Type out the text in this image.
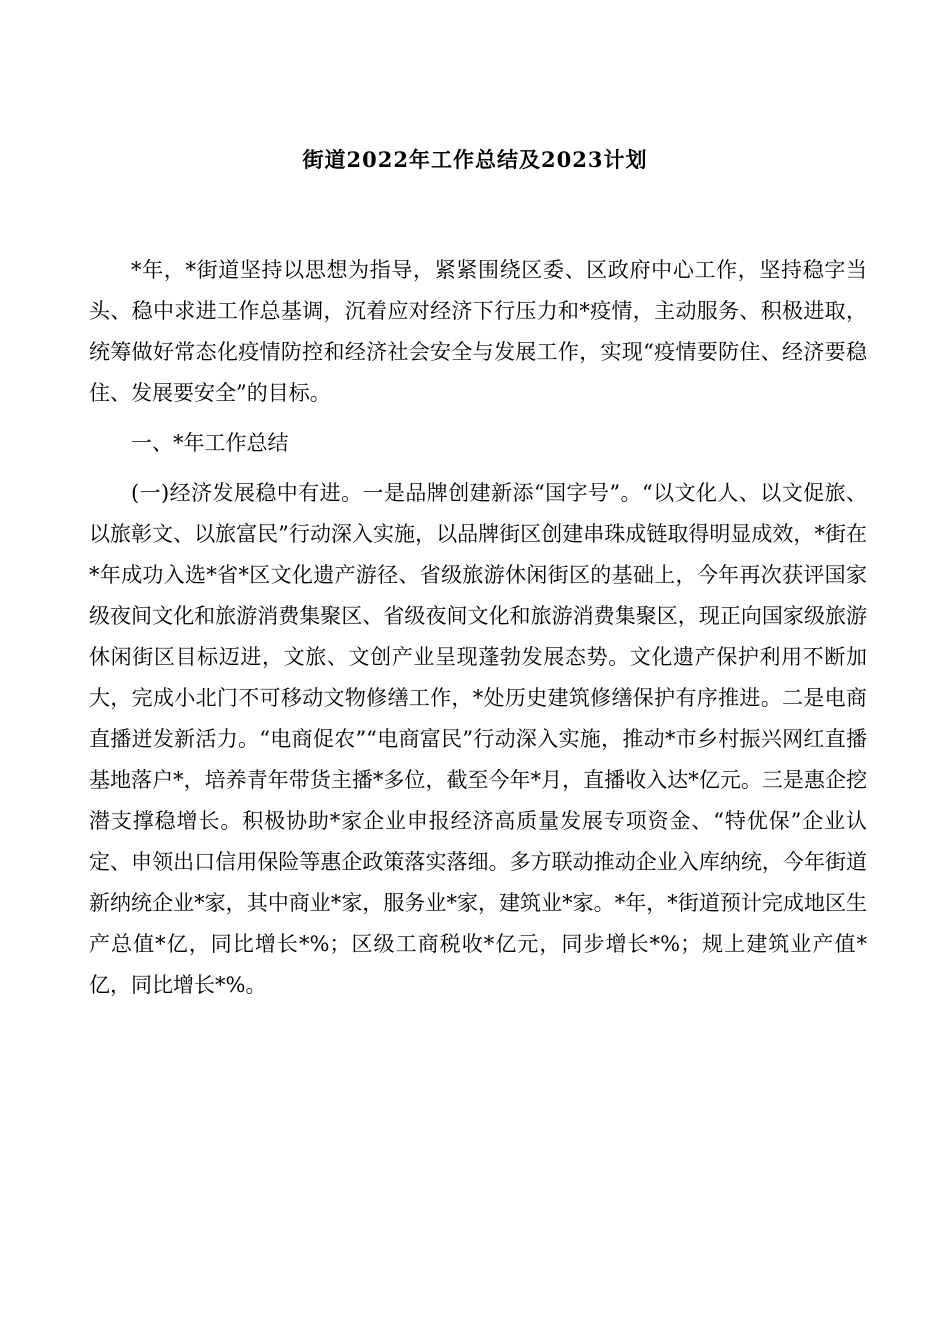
街道2022年工作总结及2023计划

*年，*街道坚持以思想为指导，紧紧围绕区委、区政府中心工作，坚持稳字当头、稳中求进工作总基调，沉着应对经济下行压力和*疫情，主动服务、积极进取，统筹做好常态化疫情防控和经济社会安全与发展工作，实现“疫情要防住、经济要稳住、发展要安全”的目标。

一、*年工作总结

(一)经济发展稳中有进。一是品牌创建新添“国字号”。“以文化人、以文促旅、以旅彰文、以旅富民”行动深入实施，以品牌街区创建串珠成链取得明显成效，*街在*年成功入选*省*区文化遗产游径、省级旅游休闲街区的基础上，今年再次获评国家级夜间文化和旅游消费集聚区、省级夜间文化和旅游消费集聚区，现正向国家级旅游休闲街区目标迈进，文旅、文创产业呈现蓬勃发展态势。文化遗产保护利用不断加大，完成小北门不可移动文物修缮工作，*处历史建筑修缮保护有序推进。二是电商直播迸发新活力。“电商促农”“电商富民”行动深入实施，推动*市乡村振兴网红直播基地落户*，培养青年带货主播*多位，截至今年*月，直播收入达*亿元。三是惠企挖潜支撑稳增长。积极协助*家企业申报经济高质量发展专项资金、“特优保”企业认定、申领出口信用保险等惠企政策落实落细。多方联动推动企业入库纳统，今年街道新纳统企业*家，其中商业*家，服务业*家，建筑业*家。*年，*街道预计完成地区生产总值*亿，同比增长*%；区级工商税收*亿元，同步增长*%；规上建筑业产值*亿，同比增长*%。
